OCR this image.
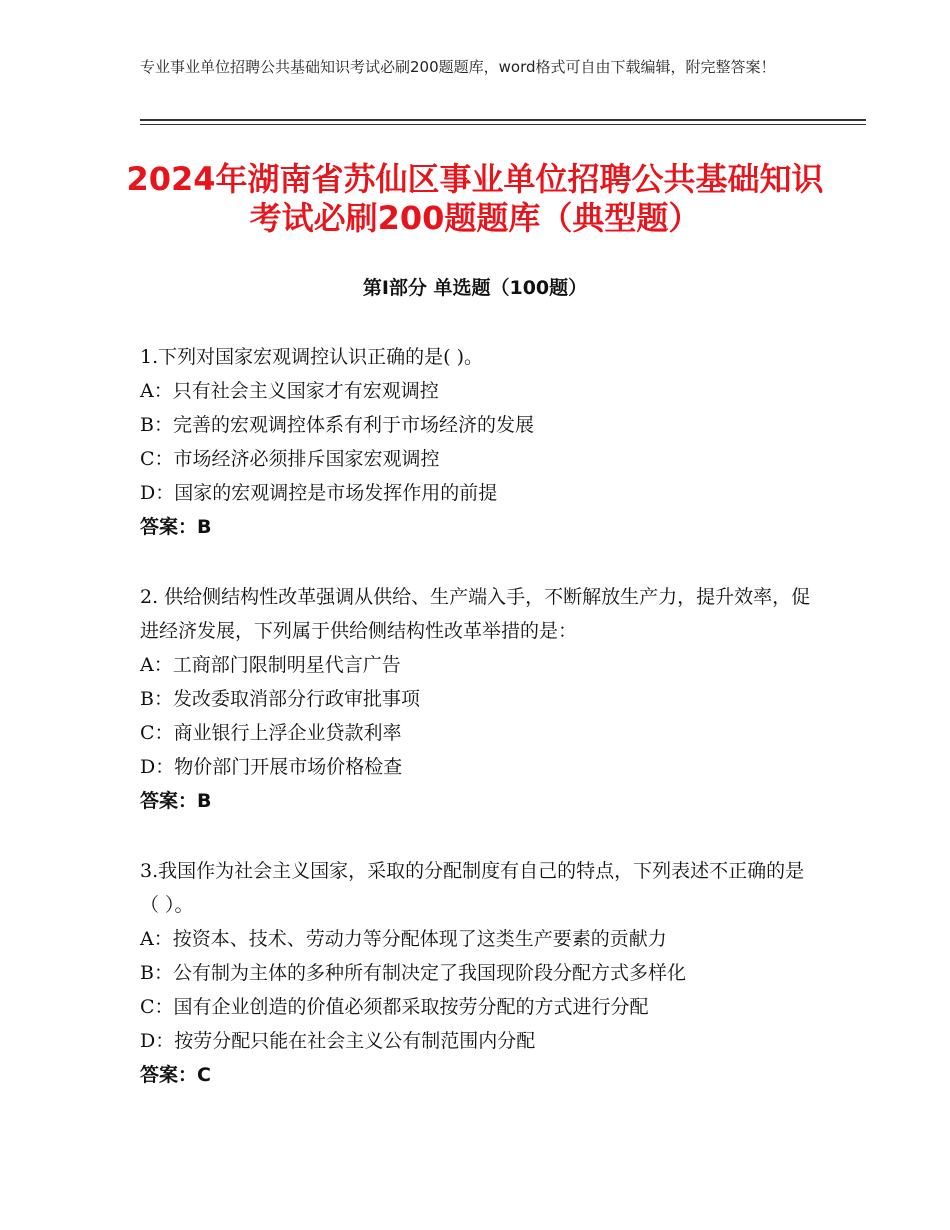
专业事业单位招聘公共基础知识考试必刷200题题库，word格式可自由下载编辑，附完整答案！
2024年湖南省苏仙区事业单位招聘公共基础知识考试必刷200题题库（典型题）
第Ⅰ部分 单选题（100题）

1.下列对国家宏观调控认识正确的是( )。

A：只有社会主义国家才有宏观调控

B：完善的宏观调控体系有利于市场经济的发展

C：市场经济必须排斥国家宏观调控

D：国家的宏观调控是市场发挥作用的前提

答案：B

2. 供给侧结构性改革强调从供给、生产端入手，不断解放生产力，提升效率，促进经济发展，下列属于供给侧结构性改革举措的是：

A：工商部门限制明星代言广告

B：发改委取消部分行政审批事项

C：商业银行上浮企业贷款利率

D：物价部门开展市场价格检查

答案：B

3.我国作为社会主义国家，采取的分配制度有自己的特点，下列表述不正确的是（ ）。

A：按资本、技术、劳动力等分配体现了这类生产要素的贡献力

B：公有制为主体的多种所有制决定了我国现阶段分配方式多样化

C：国有企业创造的价值必须都采取按劳分配的方式进行分配

D：按劳分配只能在社会主义公有制范围内分配

答案：C
